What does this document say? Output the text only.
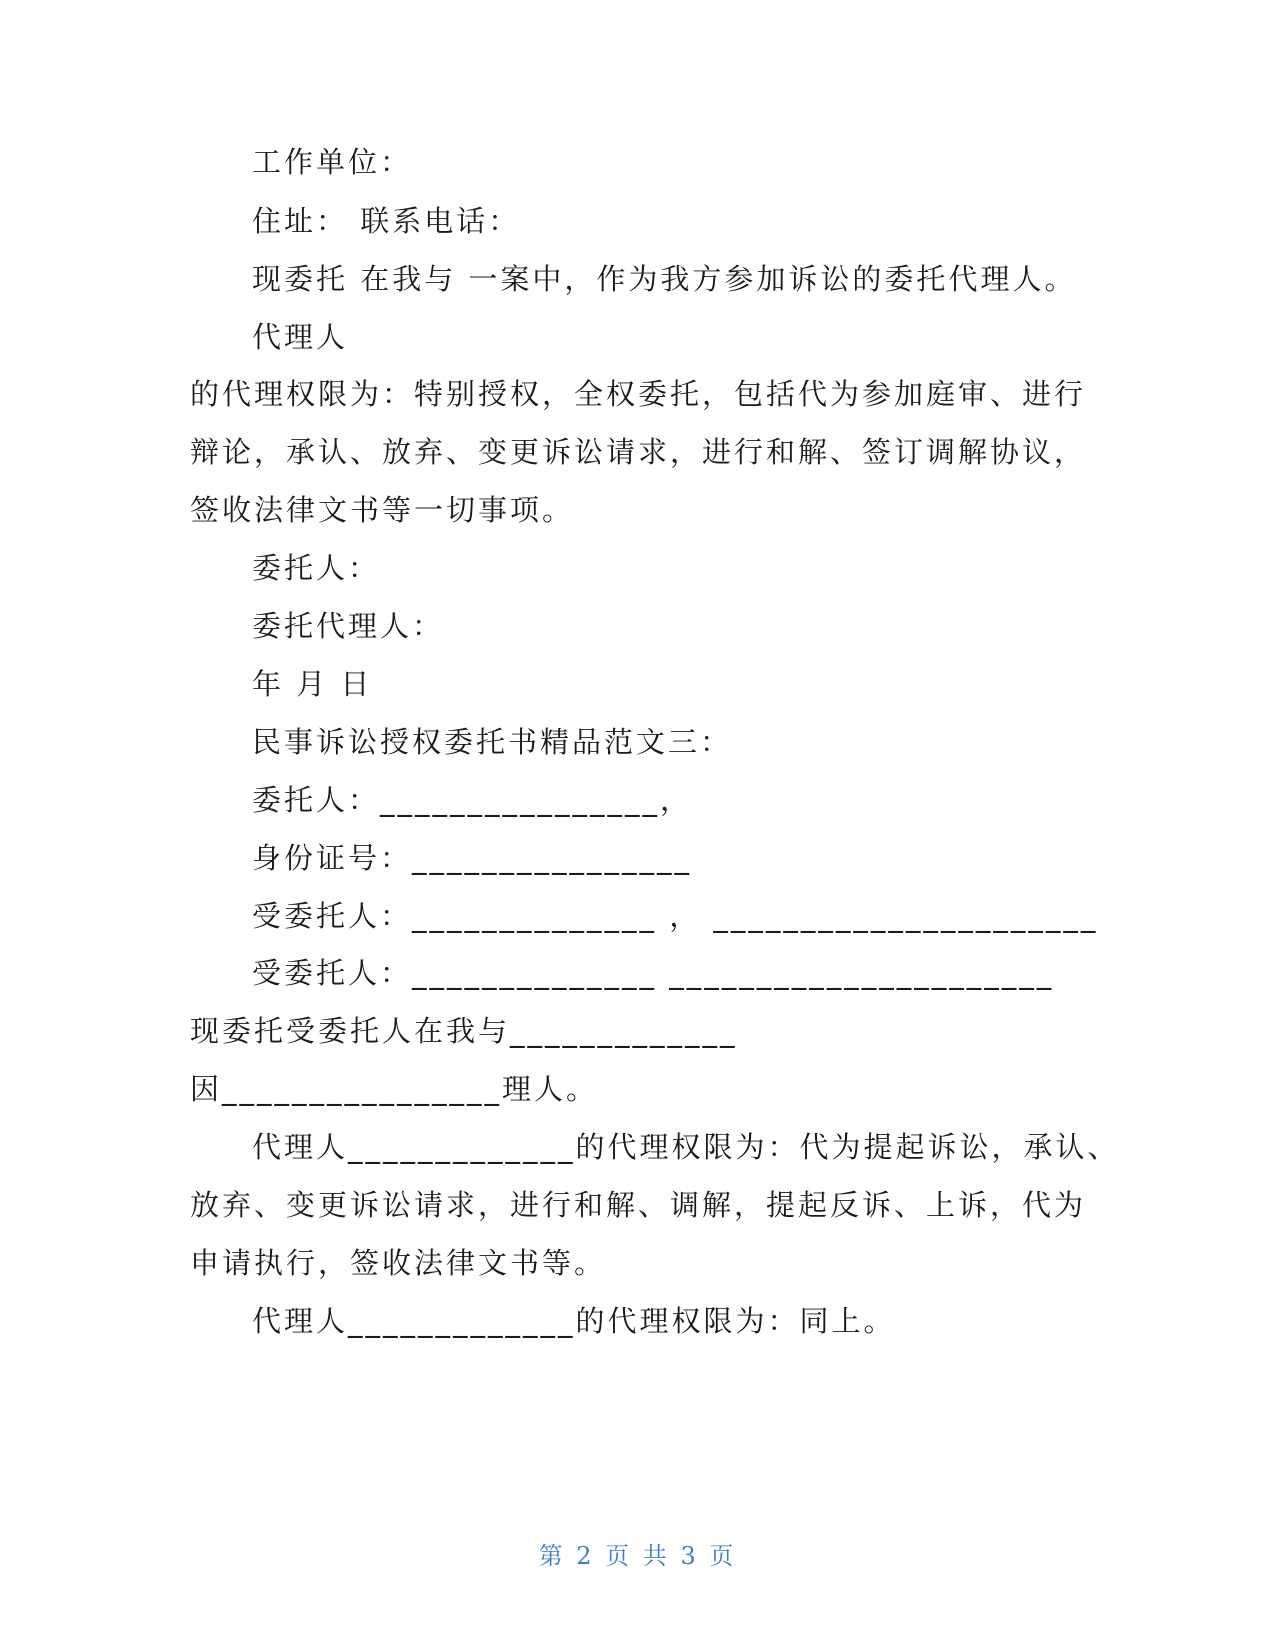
工作单位：
住址： 联系电话：
现委托 在我与 一案中，作为我方参加诉讼的委托代理人。
代理人
的代理权限为：特别授权，全权委托，包括代为参加庭审、进行
辩论，承认、放弃、变更诉讼请求，进行和解、签订调解协议，
签收法律文书等一切事项。
委托人：
委托代理人：
年 月 日
民事诉讼授权委托书精品范文三：
委托人：________________，
身份证号：________________
受委托人：______________ ， ______________________
受委托人：______________ ______________________
现委托受委托人在我与_____________
因________________理人。
代理人_____________的代理权限为：代为提起诉讼，承认、
放弃、变更诉讼请求，进行和解、调解，提起反诉、上诉，代为
申请执行，签收法律文书等。
代理人_____________的代理权限为：同上。
第 2 页 共 3 页
